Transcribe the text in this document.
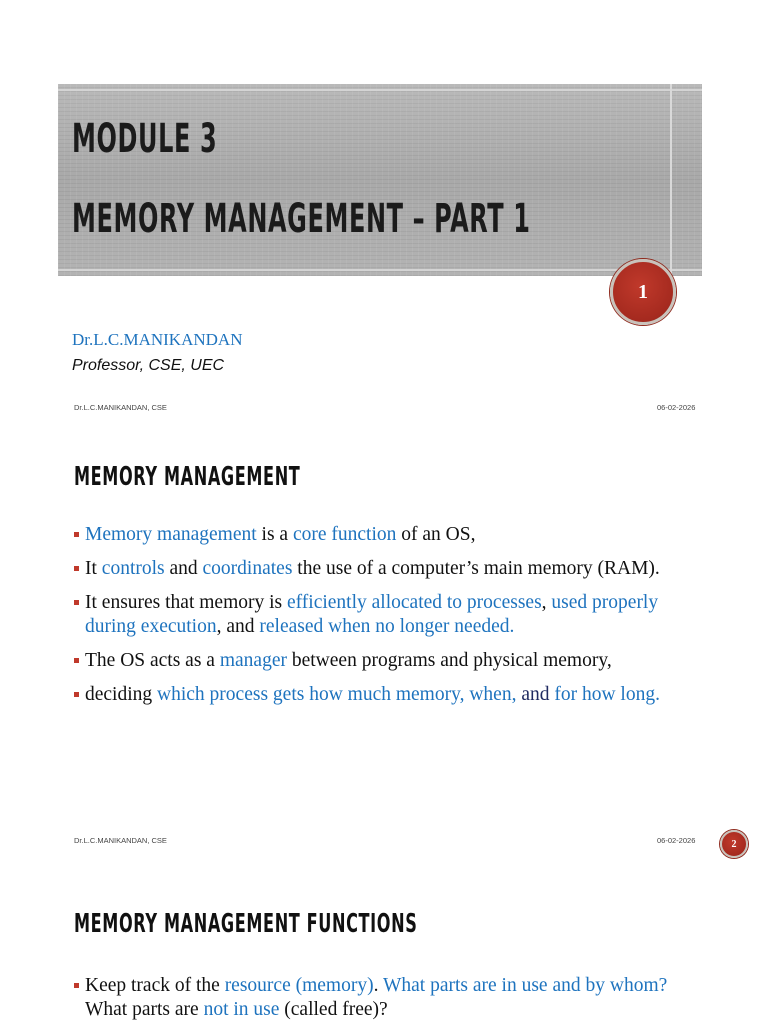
MODULE 3
MEMORY MANAGEMENT – PART 1
1
Dr.L.C.MANIKANDAN
Professor, CSE, UEC
Dr.L.C.MANIKANDAN, CSE	06-02-2026
MEMORY MANAGEMENT
Memory management is a core function of an OS,
It controls and coordinates the use of a computer’s main memory (RAM).
It ensures that memory is efficiently allocated to processes, used properly during execution, and released when no longer needed.
The OS acts as a manager between programs and physical memory,
deciding which process gets how much memory, when, and for how long.
Dr.L.C.MANIKANDAN, CSE	06-02-2026	2
MEMORY MANAGEMENT FUNCTIONS
Keep track of the resource (memory). What parts are in use and by whom? What parts are not in use (called free)?
